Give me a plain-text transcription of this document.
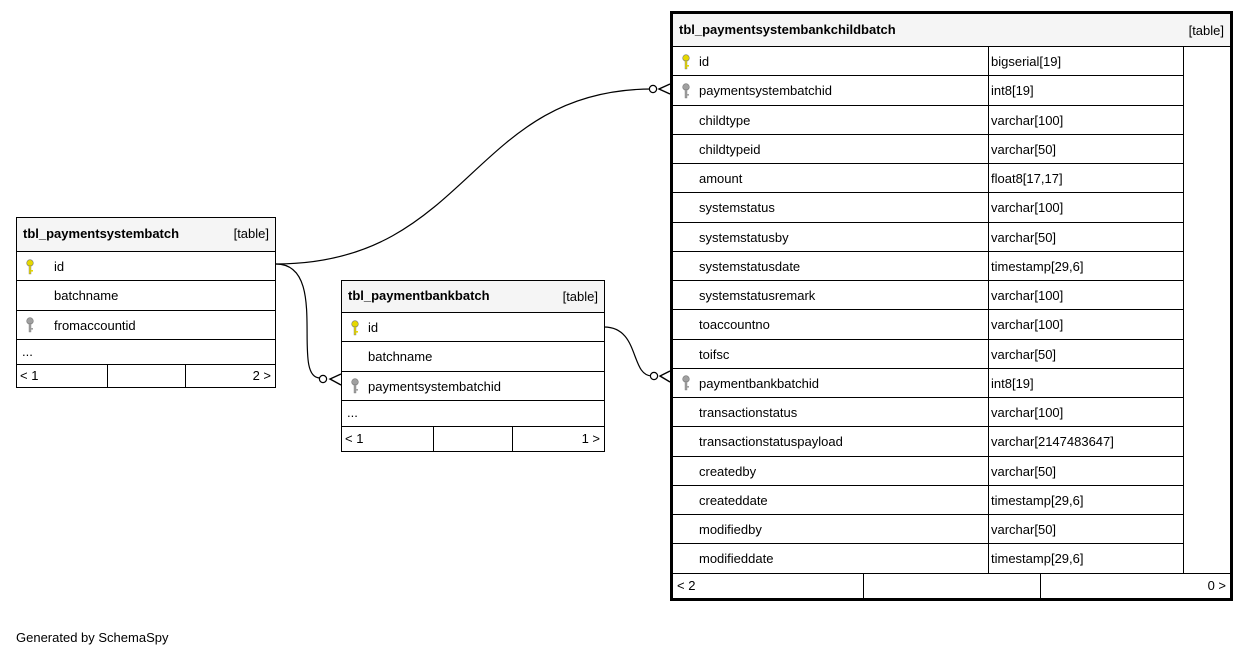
tbl_paymentsystembatch	[table]
...
< 1	2 >
id
batchname
fromaccountid
tbl_paymentbankbatch	[table]
...
< 1	1 >
id
batchname
paymentsystembatchid
tbl_paymentsystembankchildbatch	[table]
< 2	0 >
id	bigserial[19]
paymentsystembatchid	int8[19]
childtype	varchar[100]
childtypeid	varchar[50]
amount	float8[17,17]
systemstatus	varchar[100]
systemstatusby	varchar[50]
systemstatusdate	timestamp[29,6]
systemstatusremark	varchar[100]
toaccountno	varchar[100]
toifsc	varchar[50]
paymentbankbatchid	int8[19]
transactionstatus	varchar[100]
transactionstatuspayload	varchar[2147483647]
createdby	varchar[50]
createddate	timestamp[29,6]
modifiedby	varchar[50]
modifieddate	timestamp[29,6]
Generated by SchemaSpy
